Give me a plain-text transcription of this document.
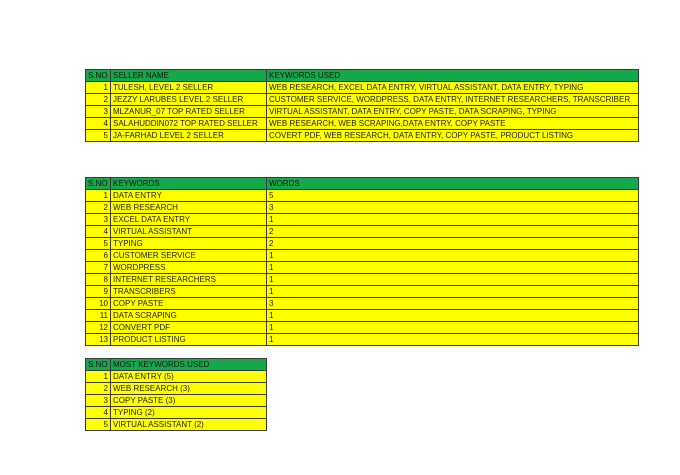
S.NO	SELLER NAME	KEYWORDS USED
1	TULESH, LEVEL 2 SELLER	WEB RESEARCH, EXCEL DATA ENTRY, VIRTUAL ASSISTANT, DATA ENTRY, TYPING
2	JEZZY LARUBES LEVEL 2 SELLER	CUSTOMER SERVICE, WORDPRESS, DATA ENTRY, INTERNET RESEARCHERS, TRANSCRIBER
3	MLZANUR_07 TOP RATED SELLER	VIRTUAL ASSISTANT, DATA ENTRY, COPY PASTE, DATA SCRAPING, TYPING
4	SALAHUDDIN072 TOP RATED SELLER	WEB RESEARCH, WEB SCRAPING,DATA ENTRY, COPY PASTE
5	JA-FARHAD LEVEL 2 SELLER	COVERT PDF, WEB RESEARCH, DATA ENTRY, COPY PASTE, PRODUCT LISTING
S.NO	KEYWORDS	WORDS
1	DATA ENTRY	5
2	WEB RESEARCH	3
3	EXCEL DATA ENTRY	1
4	VIRTUAL ASSISTANT	2
5	TYPING	2
6	CUSTOMER SERVICE	1
7	WORDPRESS	1
8	INTERNET RESEARCHERS	1
9	TRANSCRIBERS	1
10	COPY PASTE	3
11	DATA SCRAPING	1
12	CONVERT PDF	1
13	PRODUCT LISTING	1
S.NO	MOST KEYWORDS USED
1	DATA ENTRY (5)
2	WEB RESEARCH (3)
3	COPY PASTE (3)
4	TYPING (2)
5	VIRTUAL ASSISTANT (2)
